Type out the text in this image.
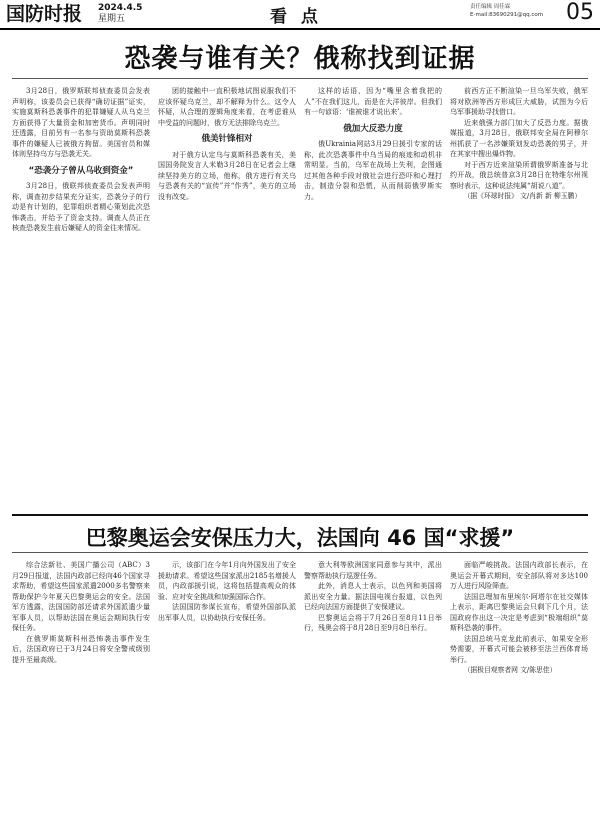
国防时报 2024.4.5
星期五	看 点	责任编辑 周佳霖
E-mail:83690291@qq.com 05
恐袭与谁有关？俄称找到证据

3月28日，俄罗斯联邦侦查委员会发表声明称，该委员会已获得“确切证据”证实，实施莫斯科恐袭事件的犯罪嫌疑人从乌克兰方面获得了大量资金和加密货币。声明同时还透露，目前另有一名参与资助莫斯科恐袭事件的嫌疑人已被俄方拘留。美国官员和媒体则坚持乌方与恐袭无关。

“恐袭分子曾从乌收到资金”

3月28日，俄联邦侦查委员会发表声明称，调查初步结果充分证实，恐袭分子的行动是有计划的，犯罪组织者精心策划此次恐怖袭击，并给予了资金支持。调查人员正在核查恐袭发生前后嫌疑人的资金往来情况。

团的接触中一直积极地试图说服我们不应该怀疑乌克兰，却不解释为什么。这令人怀疑，从合理的逻辑角度来看，在考虑谁从中受益的问题时，俄方无法排除乌克兰。

俄美针锋相对

对于俄方认定乌与莫斯科恐袭有关，美国国务院发言人米勒3月28日在记者会上继续坚持美方的立场，他称，俄方进行有关乌与恐袭有关的“宣传”并“作秀”，美方的立场没有改变。

这样的话语，因为“嘴里含着我把的人”不在我们这儿，而是在大洋彼岸。但我们有一句谚语：‘谁被谁才说出来’。

俄加大反恐力度

俄Ukrainia网站3月29日援引专家的话称，此次恐袭事件中乌当局的痕迹和动机非常明显。当前，乌军在战场上失利，企图通过其他各种手段对俄社会进行恐吓和心理打击，制造分裂和恐慌，从而削弱俄罗斯实力。

前西方正不断渲染一旦乌军失败，俄军将对欧洲等西方形成巨大威胁，试图为今后乌军事援助寻找借口。

近来俄强力部门加大了反恐力度。据俄媒报道，3月28日，俄联邦安全局在阿穆尔州抓获了一名涉嫌策划发动恐袭的男子，并在其家中搜出爆炸物。

对于西方近来渲染所谓俄罗斯准备与北约开战，俄总统普京3月28日在特维尔州视察时表示，这种说法纯属“胡说八道”。

（据《环球时报》 文/肖新 新 柳玉鹏）

巴黎奥运会安保压力大，法国向 46 国“求援”

综合法新社、美国广播公司（ABC）3月29日报道，法国内政部已经向46个国家寻求帮助，希望这些国家派遣2000多名警察来帮助保护今年夏天巴黎奥运会的安全。法国军方透露，法国国防部还请求外国派遣少量军事人员，以帮助法国在奥运会期间执行安保任务。

在俄罗斯莫斯科州恐怖袭击事件发生后，法国政府已于3月24日将安全警戒级别提升至最高级。

示，该部门在今年1月向外国发出了安全援助请求。希望这些国家派出2185名增援人员，内政部援引说，这将包括提高观众的体验、应对安全挑战和加强国际合作。

法国国防参谋长宣布，希望外国部队派出军事人员，以协助执行安保任务。

意大利等欧洲国家同意参与其中，派出警察帮助执行巡逻任务。

此外，消息人士表示，以色列和美国将派出安全力量。据法国电视台报道，以色列已经向法国方面提供了安保建议。

巴黎奥运会将于7月26日至8月11日举行，残奥会将于8月28日至9月8日举行。

面临严峻挑战。法国内政部长表示，在奥运会开幕式期间，安全部队将对多达100万人进行风险筛查。

法国总理加布里埃尔·阿塔尔在社交媒体上表示，距离巴黎奥运会只剩下几个月，法国政府作出这一决定是考虑到“极端组织”莫斯科恐袭的事件。

法国总统马克龙此前表示，如果安全形势需要，开幕式可能会被移至法兰西体育场举行。

（据极目观察者网 文/陈思佳）
